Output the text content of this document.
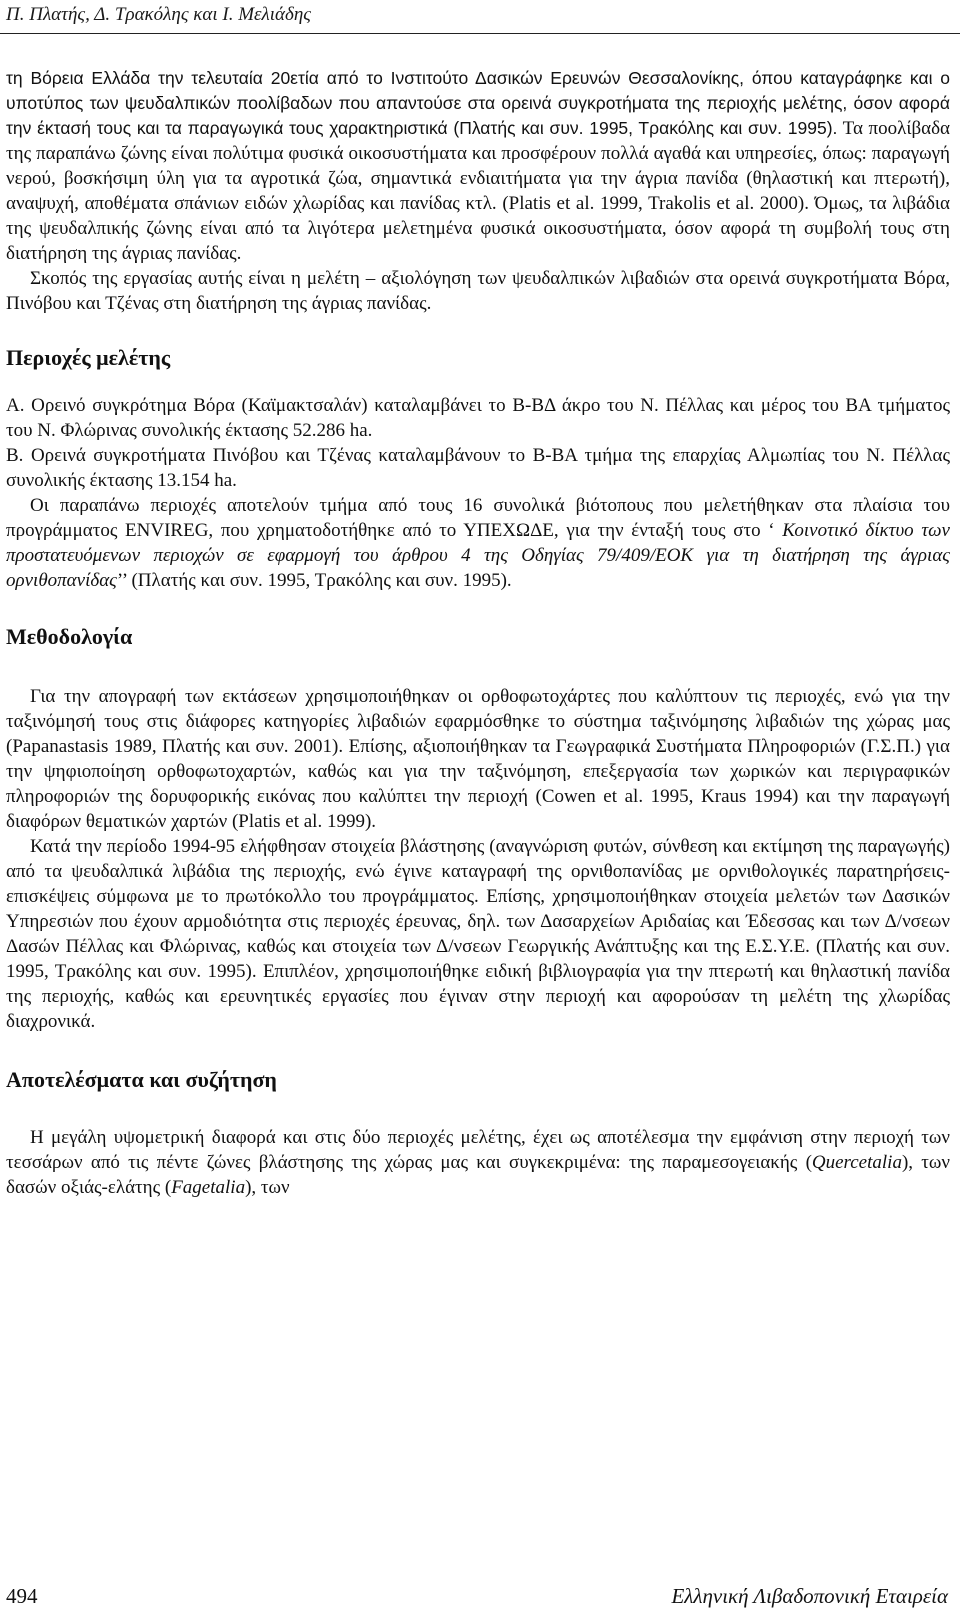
Π. Πλατής, Δ. Τρακόλης και Ι. Μελιάδης

τη Βόρεια Ελλάδα την τελευταία 20ετία από το Ινστιτούτο Δασικών Ερευνών Θεσσαλονίκης, όπου καταγράφηκε και ο υποτύπος των ψευδαλπικών ποολίβαδων που απαντούσε στα ορεινά συγκροτήματα της περιοχής μελέτης, όσον αφορά την έκτασή τους και τα παραγωγικά τους χαρακτηριστικά (Πλατής και συν. 1995, Τρακόλης και συν. 1995). Τα ποολίβαδα της παραπάνω ζώνης είναι πολύτιμα φυσικά οικοσυστήματα και προσφέρουν πολλά αγαθά και υπηρεσίες, όπως: παραγωγή νερού, βοσκήσιμη ύλη για τα αγροτικά ζώα, σημαντικά ενδιαιτήματα για την άγρια πανίδα (θηλαστική και πτερωτή), αναψυχή, αποθέματα σπάνιων ειδών χλωρίδας και πανίδας κτλ. (Platis et al. 1999, Trakolis et al. 2000). Όμως, τα λιβάδια της ψευδαλπικής ζώνης είναι από τα λιγότερα μελετημένα φυσικά οικοσυστήματα, όσον αφορά τη συμβολή τους στη διατήρηση της άγριας πανίδας.

Σκοπός της εργασίας αυτής είναι η μελέτη – αξιολόγηση των ψευδαλπικών λιβαδιών στα ορεινά συγκροτήματα Βόρα, Πινόβου και Τζένας στη διατήρηση της άγριας πανίδας.

Περιοχές μελέτης

Α. Ορεινό συγκρότημα Βόρα (Καϊμακτσαλάν) καταλαμβάνει το Β-ΒΔ άκρο του Ν. Πέλλας και μέρος του ΒΑ τμήματος του Ν. Φλώρινας συνολικής έκτασης 52.286 ha.

Β. Ορεινά συγκροτήματα Πινόβου και Τζένας καταλαμβάνουν το Β-ΒΑ τμήμα της επαρχίας Αλμωπίας του Ν. Πέλλας συνολικής έκτασης 13.154 ha.

Οι παραπάνω περιοχές αποτελούν τμήμα από τους 16 συνολικά βιότοπους που μελετήθηκαν στα πλαίσια του προγράμματος ENVIREG, που χρηματοδοτήθηκε από το ΥΠΕΧΩΔΕ, για την ένταξή τους στο ‘ Κοινοτικό δίκτυο των προστατευόμενων περιοχών σε εφαρμογή του άρθρου 4 της Οδηγίας 79/409/ΕΟΚ για τη διατήρηση της άγριας ορνιθοπανίδας’’ (Πλατής και συν. 1995, Τρακόλης και συν. 1995).

Μεθοδολογία

Για την απογραφή των εκτάσεων χρησιμοποιήθηκαν οι ορθοφωτοχάρτες που καλύπτουν τις περιοχές, ενώ για την ταξινόμησή τους στις διάφορες κατηγορίες λιβαδιών εφαρμόσθηκε το σύστημα ταξινόμησης λιβαδιών της χώρας μας (Papanastasis 1989, Πλατής και συν. 2001). Επίσης, αξιοποιήθηκαν τα Γεωγραφικά Συστήματα Πληροφοριών (Γ.Σ.Π.) για την ψηφιοποίηση ορθοφωτοχαρτών, καθώς και για την ταξινόμηση, επεξεργασία των χωρικών και περιγραφικών πληροφοριών της δορυφορικής εικόνας που καλύπτει την περιοχή (Cowen et al. 1995, Kraus 1994) και την παραγωγή διαφόρων θεματικών χαρτών (Platis et al. 1999).

Κατά την περίοδο 1994-95 ελήφθησαν στοιχεία βλάστησης (αναγνώριση φυτών, σύνθεση και εκτίμηση της παραγωγής) από τα ψευδαλπικά λιβάδια της περιοχής, ενώ έγινε καταγραφή της ορνιθοπανίδας με ορνιθολογικές παρατηρήσεις-επισκέψεις σύμφωνα με το πρωτόκολλο του προγράμματος. Επίσης, χρησιμοποιήθηκαν στοιχεία μελετών των Δασικών Υπηρεσιών που έχουν αρμοδιότητα στις περιοχές έρευνας, δηλ. των Δασαρχείων Αριδαίας και Έδεσσας και των Δ/νσεων Δασών Πέλλας και Φλώρινας, καθώς και στοιχεία των Δ/νσεων Γεωργικής Ανάπτυξης και της Ε.Σ.Υ.Ε. (Πλατής και συν. 1995, Τρακόλης και συν. 1995). Επιπλέον, χρησιμοποιήθηκε ειδική βιβλιογραφία για την πτερωτή και θηλαστική πανίδα της περιοχής, καθώς και ερευνητικές εργασίες που έγιναν στην περιοχή και αφορούσαν τη μελέτη της χλωρίδας διαχρονικά.

Αποτελέσματα και συζήτηση

Η μεγάλη υψομετρική διαφορά και στις δύο περιοχές μελέτης, έχει ως αποτέλεσμα την εμφάνιση στην περιοχή των τεσσάρων από τις πέντε ζώνες βλάστησης της χώρας μας και συγκεκριμένα: της παραμεσογειακής (Quercetalia), των δασών οξιάς-ελάτης (Fagetalia), των

494	Ελληνική Λιβαδοπονική Εταιρεία
